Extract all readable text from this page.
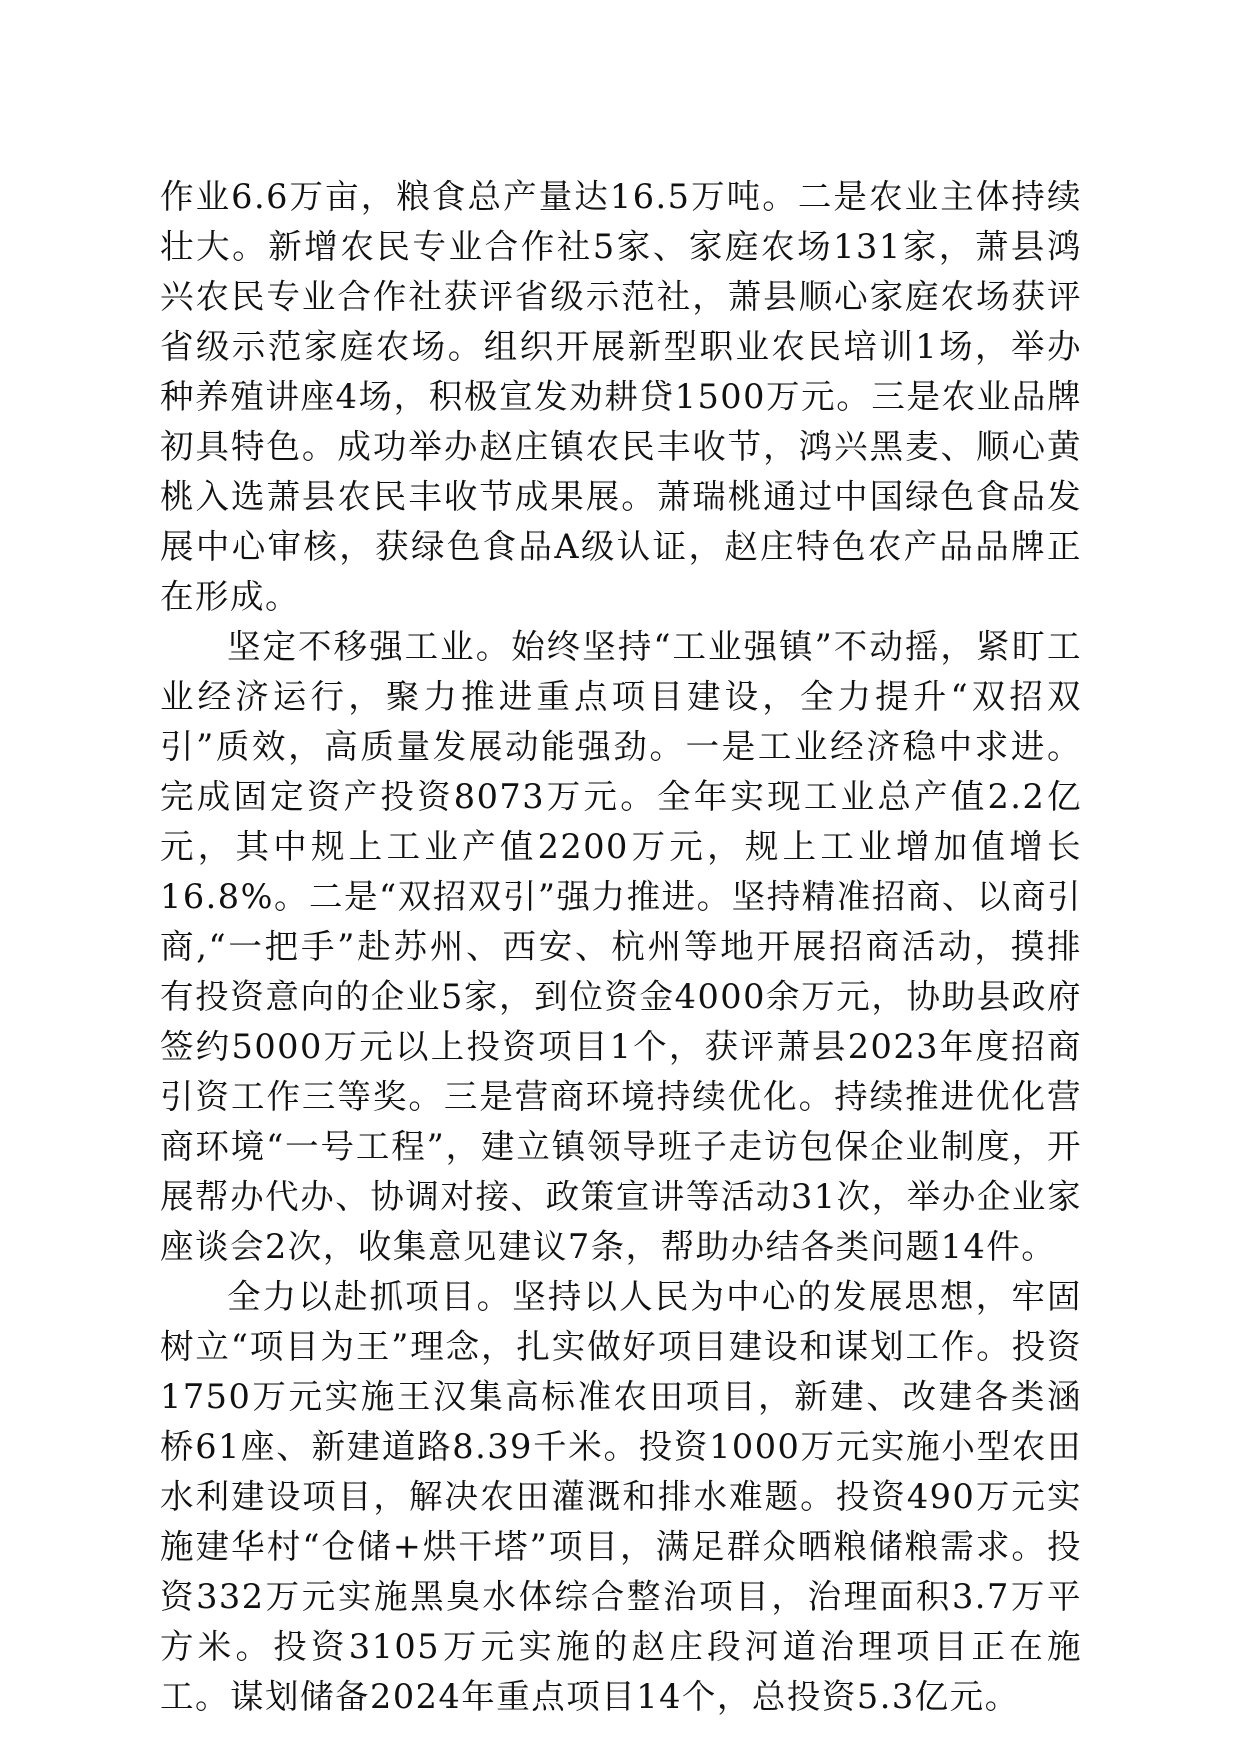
作业6.6万亩，粮食总产量达16.5万吨。二是农业主体持续壮大。新增农民专业合作社5家、家庭农场131家，萧县鸿兴农民专业合作社获评省级示范社，萧县顺心家庭农场获评省级示范家庭农场。组织开展新型职业农民培训1场，举办种养殖讲座4场，积极宣发劝耕贷1500万元。三是农业品牌初具特色。成功举办赵庄镇农民丰收节，鸿兴黑麦、顺心黄桃入选萧县农民丰收节成果展。萧瑞桃通过中国绿色食品发展中心审核，获绿色食品A级认证，赵庄特色农产品品牌正在形成。

坚定不移强工业。始终坚持“工业强镇”不动摇，紧盯工业经济运行，聚力推进重点项目建设，全力提升“双招双引”质效，高质量发展动能强劲。一是工业经济稳中求进。完成固定资产投资8073万元。全年实现工业总产值2.2亿元，其中规上工业产值2200万元，规上工业增加值增长16.8%。二是“双招双引”强力推进。坚持精准招商、以商引商,“一把手”赴苏州、西安、杭州等地开展招商活动，摸排有投资意向的企业5家，到位资金4000余万元，协助县政府签约5000万元以上投资项目1个，获评萧县2023年度招商引资工作三等奖。三是营商环境持续优化。持续推进优化营商环境“一号工程”，建立镇领导班子走访包保企业制度，开展帮办代办、协调对接、政策宣讲等活动31次，举办企业家座谈会2次，收集意见建议7条，帮助办结各类问题14件。

全力以赴抓项目。坚持以人民为中心的发展思想，牢固树立“项目为王”理念，扎实做好项目建设和谋划工作。投资1750万元实施王汉集高标准农田项目，新建、改建各类涵桥61座、新建道路8.39千米。投资1000万元实施小型农田水利建设项目，解决农田灌溉和排水难题。投资490万元实施建华村“仓储+烘干塔”项目，满足群众晒粮储粮需求。投资332万元实施黑臭水体综合整治项目，治理面积3.7万平方米。投资3105万元实施的赵庄段河道治理项目正在施工。谋划储备2024年重点项目14个，总投资5.3亿元。
